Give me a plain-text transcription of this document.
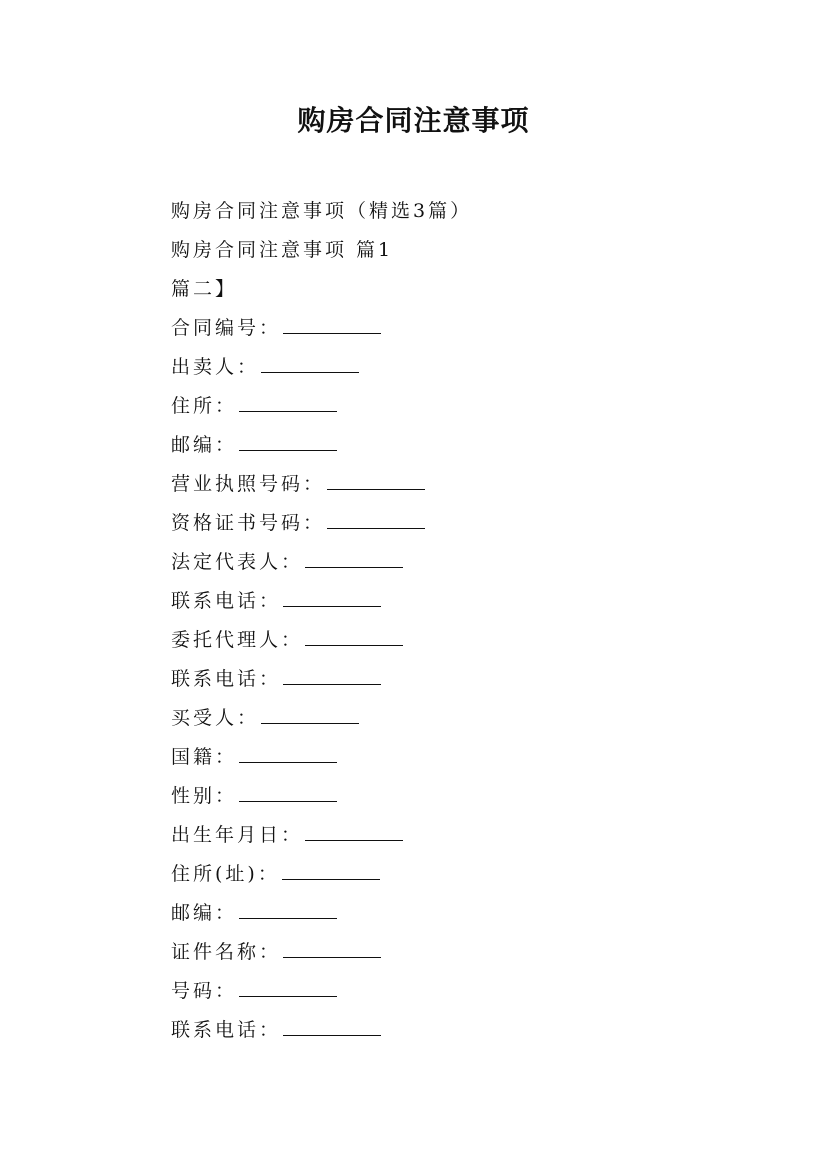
购房合同注意事项
购房合同注意事项（精选3篇）
购房合同注意事项 篇1
篇二】
合同编号：
出卖人：
住所：
邮编：
营业执照号码：
资格证书号码：
法定代表人：
联系电话：
委托代理人：
联系电话：
买受人：
国籍：
性别：
出生年月日：
住所(址)：
邮编：
证件名称：
号码：
联系电话：
